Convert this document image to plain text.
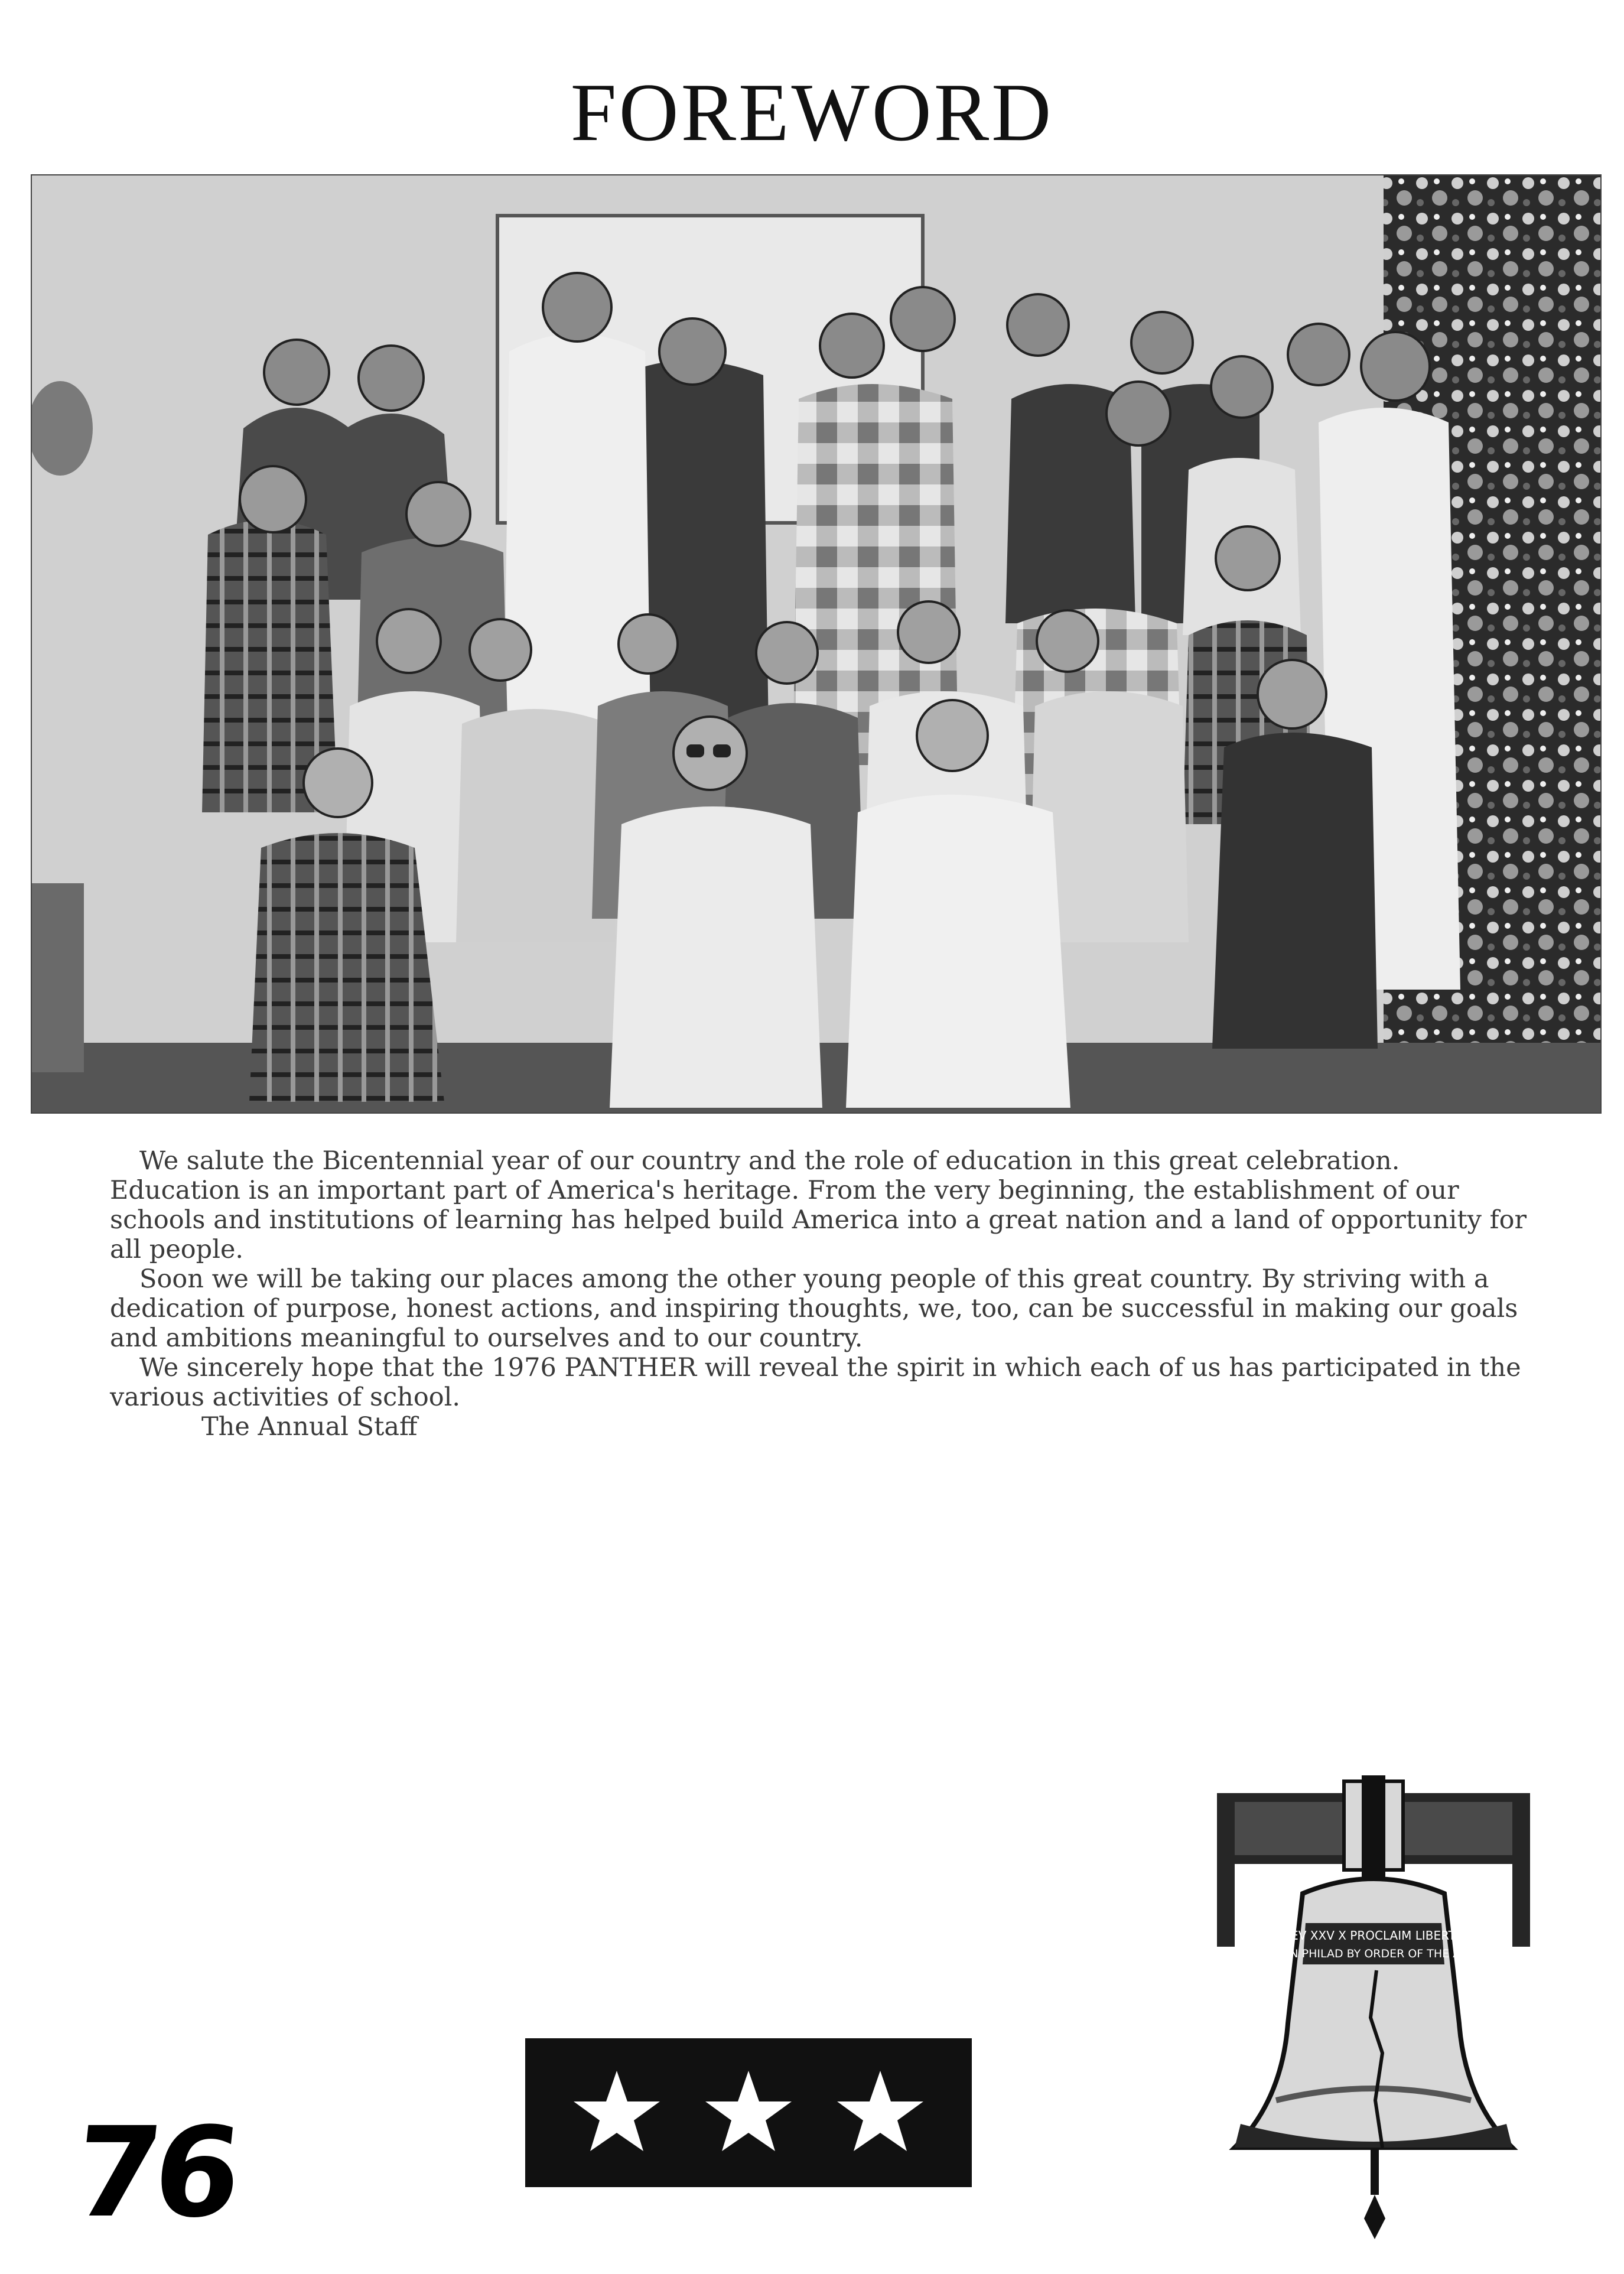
FOREWORD

We salute the Bicentennial year of our country and the role of education in this great celebration. Education is an important part of America's heritage. From the very beginning, the establishment of our schools and institutions of learning has helped build America into a great nation and a land of opportunity for all people.

Soon we will be taking our places among the other young people of this great country. By striving with a dedication of purpose, honest actions, and inspiring thoughts, we, too, can be successful in making our goals and ambitions meaningful to ourselves and to our country.

We sincerely hope that the 1976 PANTHER will reveal the spirit in which each of us has participated in the various activities of school.

The Annual Staff

76
LEV XXV X PROCLAIM LIBERTY
IN PHILAD BY ORDER OF THE A
